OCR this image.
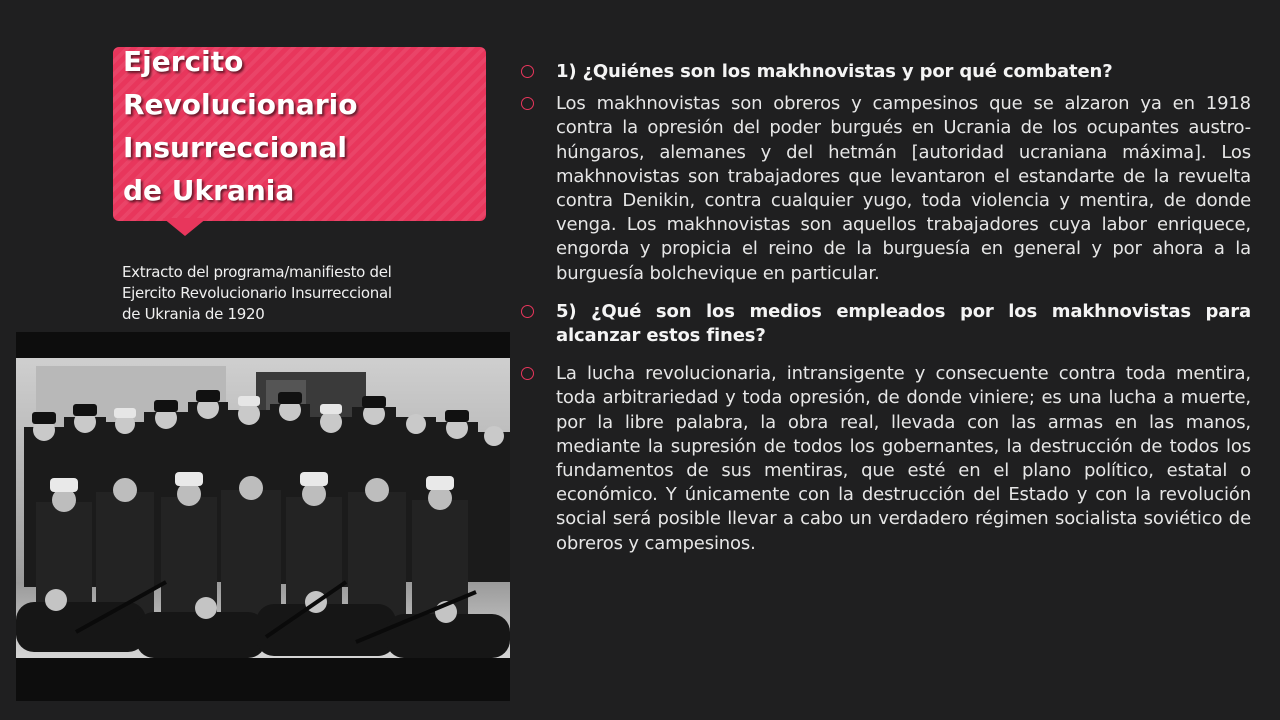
Ejercito
Revolucionario
Insurreccional
de Ukrania
Extracto del programa/manifiesto del
Ejercito Revolucionario Insurreccional
de Ukrania de 1920
1) ¿Quiénes son los makhnovistas y por qué combaten?
Los makhnovistas son obreros y campesinos que se alzaron ya en 1918 contra la opresión del poder burgués en Ucrania de los ocupantes austro-húngaros, alemanes y del hetmán [autoridad ucraniana máxima]. Los makhnovistas son trabajadores que levantaron el estandarte de la revuelta contra Denikin, contra cualquier yugo, toda violencia y mentira, de donde venga. Los makhnovistas son aquellos trabajadores cuya labor enriquece, engorda y propicia el reino de la burguesía en general y por ahora a la burguesía bolchevique en particular.
5) ¿Qué son los medios empleados por los makhnovistas para alcanzar estos fines?
La lucha revolucionaria, intransigente y consecuente contra toda mentira, toda arbitrariedad y toda opresión, de donde viniere; es una lucha a muerte, por la libre palabra, la obra real, llevada con las armas en las manos, mediante la supresión de todos los gobernantes, la destrucción de todos los fundamentos de sus mentiras, que esté en el plano político, estatal o económico. Y únicamente con la destrucción del Estado y con la revolución social será posible llevar a cabo un verdadero régimen socialista soviético de obreros y campesinos.
